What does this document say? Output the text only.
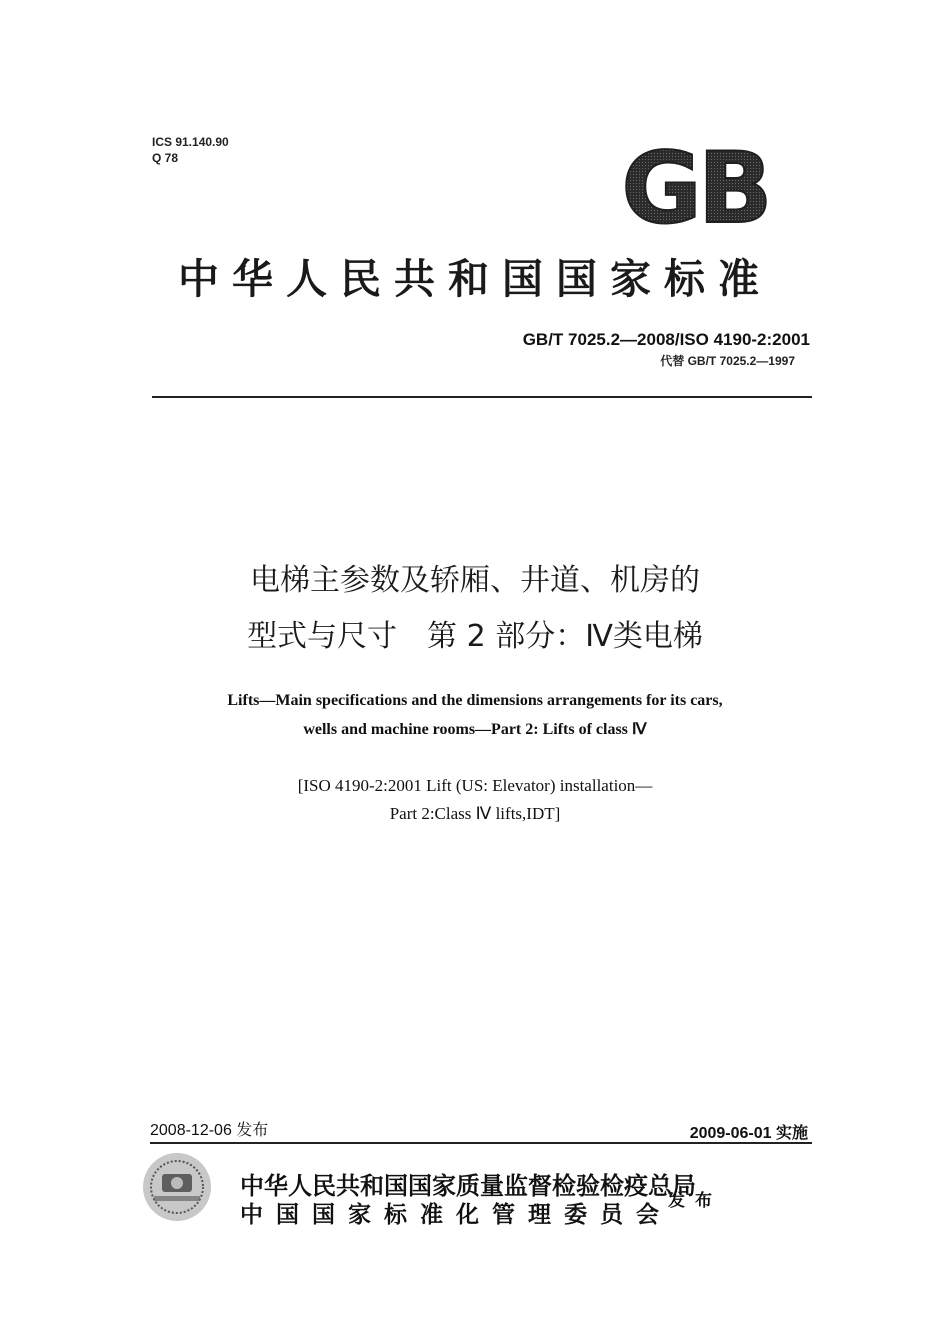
ICS 91.140.90
Q 78	GB
中华人民共和国国家标准
GB/T 7025.2—2008/ISO 4190-2:2001
代替 GB/T 7025.2—1997
电梯主参数及轿厢、井道、机房的
型式与尺寸　第 2 部分：Ⅳ类电梯
Lifts—Main specifications and the dimensions arrangements for its cars,
wells and machine rooms—Part 2: Lifts of class Ⅳ
[ISO 4190-2:2001 Lift (US: Elevator) installation—
Part 2:Class Ⅳ lifts,IDT]
2008-12-06 发布	2009-06-01 实施
中华人民共和国国家质量监督检验检疫总局
中国国家标准化管理委员会
发布
